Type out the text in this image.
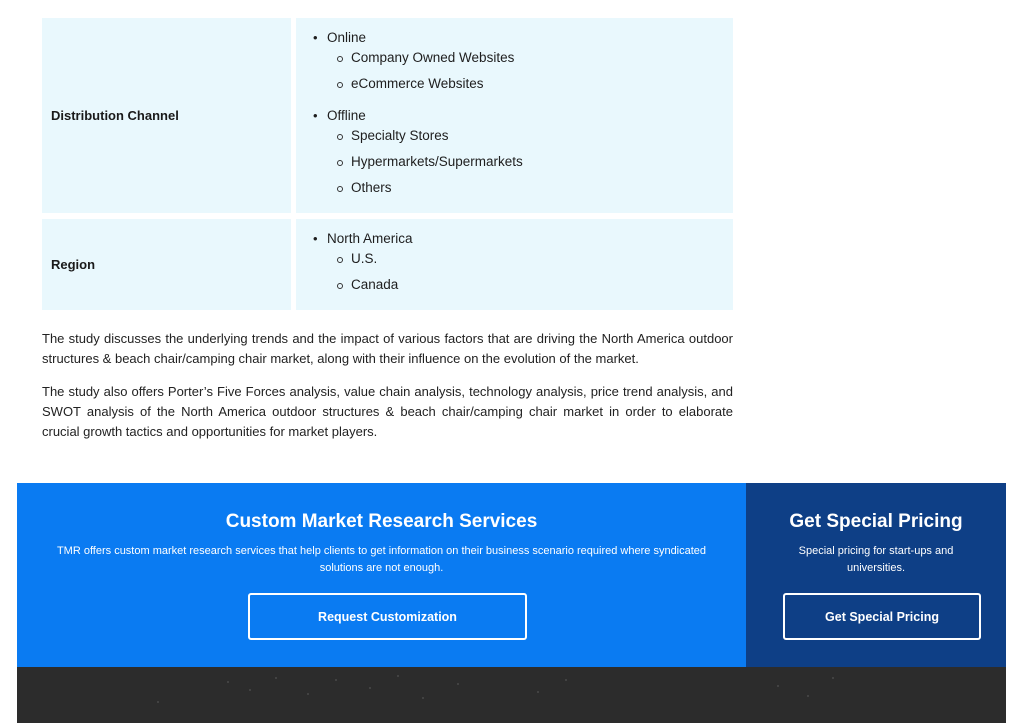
Distribution Channel
• Online
Company Owned Websites
eCommerce Websites
• Offline
Specialty Stores
Hypermarkets/Supermarkets
Others
Region
• North America
U.S.
Canada

The study discusses the underlying trends and the impact of various factors that are driving the North America outdoor structures & beach chair/camping chair market, along with their influence on the evolution of the market.

The study also offers Porter’s Five Forces analysis, value chain analysis, technology analysis, price trend analysis, and SWOT analysis of the North America outdoor structures & beach chair/camping chair market in order to elaborate crucial growth tactics and opportunities for market players.

Custom Market Research Services

TMR offers custom market research services that help clients to get information on their business scenario required where syndicated solutions are not enough.

Request Customization
Get Special Pricing

Special pricing for start-ups and universities.

Get Special Pricing
